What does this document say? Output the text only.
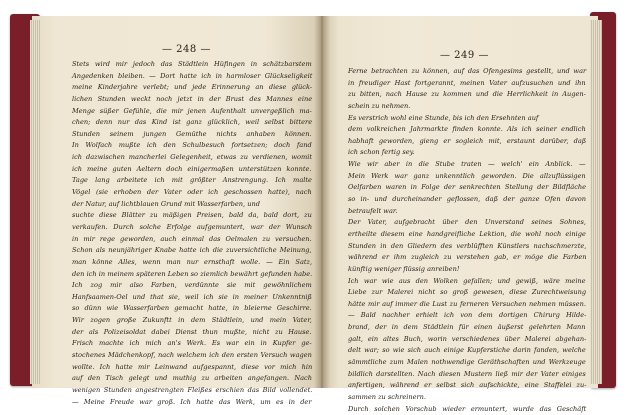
— 248 —
Stets wird mir jedoch das Städtlein Hüfingen in schätzbarstem
Angedenken bleiben. — Dort hatte ich in harmloser Glückseligkeit
meine Kinderjahre verlebt; und jede Erinnerung an diese glück-
lichen Stunden weckt noch jetzt in der Brust des Mannes eine
Menge süßer Gefühle, die mir jenen Aufenthalt unvergeßlich ma-
chen; denn nur das Kind ist ganz glücklich, weil selbst bittere
Stunden seinem jungen Gemüthe nichts anhaben können.
In Wolfach mußte ich den Schulbesuch fortsetzen; doch fand
ich dazwischen mancherlei Gelegenheit, etwas zu verdienen, womit
ich meine guten Aeltern doch einigermaßen unterstützen konnte.
Tage lang arbeitete ich mit größter Anstrengung. Ich malte
Vögel (sie erhoben der Vater oder ich geschossen hatte), nach
der Natur, auf lichtblauen Grund mit Wasserfarben, und
suchte diese Blätter zu mäßigen Preisen, bald da, bald dort, zu
verkaufen. Durch solche Erfolge aufgemuntert, war der Wunsch
in mir rege geworden, auch einmal das Oelmalen zu versuchen.
Schon als neunjähriger Knabe hatte ich die zuversichtliche Meinung,
man könne Alles, wenn man nur ernsthaft wolle. — Ein Satz,
den ich in meinem späteren Leben so ziemlich bewährt gefunden habe.
Ich zog mir also Farben, verdünnte sie mit gewöhnlichem
Hanfsaamen-Oel und that sie, weil ich sie in meiner Unkenntniß
so dünn wie Wasserfarben gemacht hatte, in bleierne Geschirre.
Wir zogen große Zukunftt in dem Städtlein, und mein Vater,
der als Polizeisoldat dabei Dienst thun mußte, nicht zu Hause.
Frisch machte ich mich an's Werk. Es war ein in Kupfer ge-
stochenes Mädchenkopf, nach welchem ich den ersten Versuch wagen
wollte. Ich hatte mir Leinwand aufgespannt, diese vor mich hin
auf den Tisch gelegt und muthig zu arbeiten angefangen. Nach
wenigen Stunden angestrengten Fleißes erschien das Bild vollendet.
— Meine Freude war groß. Ich hatte das Werk, um es in der
— 249 —
Ferne betrachten zu können, auf das Ofengesims gestellt, und war
in freudiger Hast fortgerannt, meinen Vater aufzusuchen und ihn
zu bitten, nach Hause zu kommen und die Herrlichkeit in Augen-
schein zu nehmen.
Es verstrich wohl eine Stunde, bis ich den Ersehnten auf
dem volkreichen Jahrmarkte finden konnte. Als ich seiner endlich
habhaft geworden, gieng er sogleich mit, erstaunt darüber, daß
ich schon fertig sey.
Wie wir aber in die Stube traten — welch' ein Anblick. —
Mein Werk war ganz unkenntlich geworden. Die allzuflüssigen
Oelfarben waren in Folge der senkrechten Stellung der Bildfläche
so in- und durcheinander geflossen, daß der ganze Ofen davon
betraufelt war.
Der Vater, aufgebracht über den Unverstand seines Sohnes,
ertheilte diesem eine handgreifliche Lektion, die wohl noch einige
Stunden in den Gliedern des verblüfften Künstlers nachschmerzte,
während er ihm zugleich zu verstehen gab, er möge die Farben
künftig weniger flüssig anreiben!
Ich war wie aus den Wolken gefallen; und gewiß, wäre meine
Liebe zur Malerei nicht so groß gewesen, diese Zurechtweisung
hätte mir auf immer die Lust zu ferneren Versuchen nehmen müssen.
— Bald nachher erhielt ich von dem dortigen Chirurg Hilde-
brand, der in dem Städtlein für einen äußerst gelehrten Mann
galt, ein altes Buch, worin verschiedenes über Malerei abgehan-
delt war; so wie sich auch einige Kupferstiche darin fanden, welche
sämmtliche zum Malen nothwendige Geräthschaften und Werkzeuge
bildlich darstellten. Nach diesen Mustern ließ mir der Vater einiges
anfertigen, während er selbst sich aufschickte, eine Staffelei zu-
sammen zu schreinern.
Durch solchen Vorschub wieder ermuntert, wurde das Geschäft
